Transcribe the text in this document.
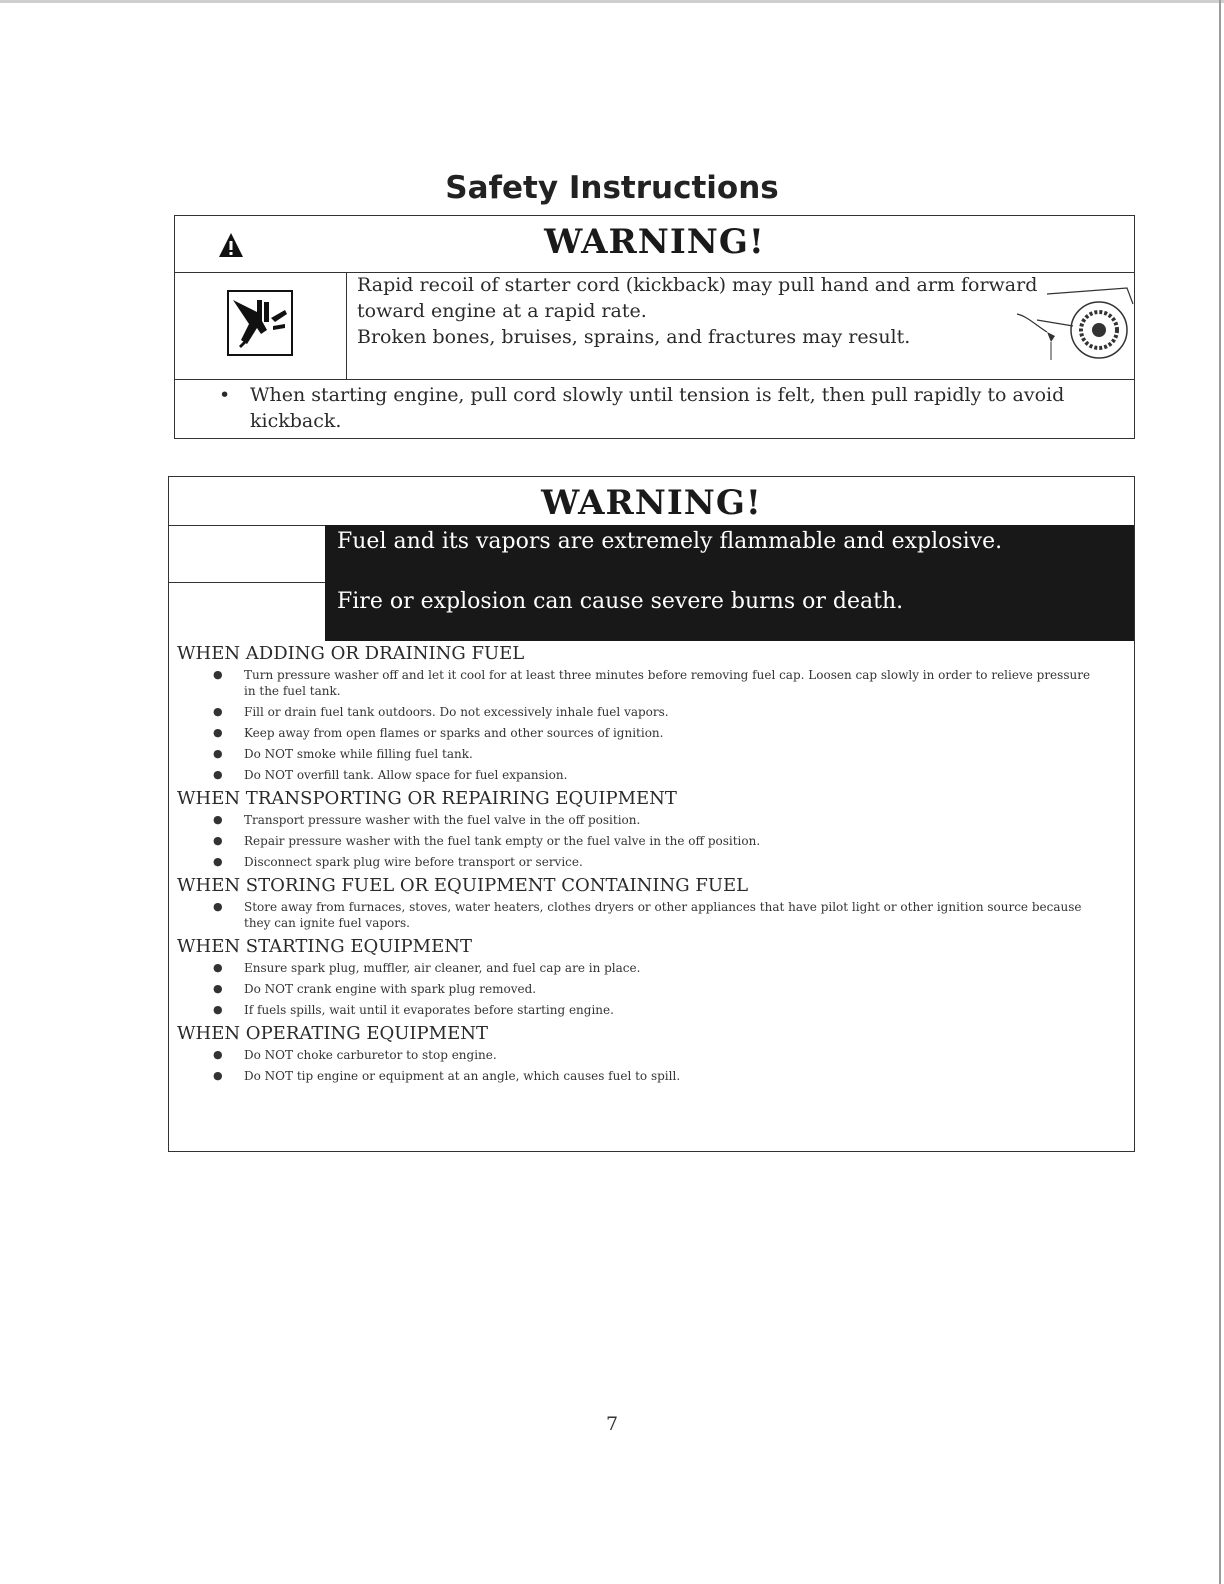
Safety Instructions
WARNING!
Rapid recoil of starter cord (kickback) may pull hand and arm forward
toward engine at a rapid rate.
Broken bones, bruises, sprains, and fractures may result.
• When starting engine, pull cord slowly until tension is felt, then pull rapidly to avoid
kickback.
WARNING!
Fuel and its vapors are extremely flammable and explosive.
Fire or explosion can cause severe burns or death.
WHEN ADDING OR DRAINING FUEL
● Turn pressure washer off and let it cool for at least three minutes before removing fuel cap. Loosen cap slowly in order to relieve pressure in the fuel tank.
● Fill or drain fuel tank outdoors. Do not excessively inhale fuel vapors.
● Keep away from open flames or sparks and other sources of ignition.
● Do NOT smoke while filling fuel tank.
● Do NOT overfill tank. Allow space for fuel expansion.
WHEN TRANSPORTING OR REPAIRING EQUIPMENT
● Transport pressure washer with the fuel valve in the off position.
● Repair pressure washer with the fuel tank empty or the fuel valve in the off position.
● Disconnect spark plug wire before transport or service.
WHEN STORING FUEL OR EQUIPMENT CONTAINING FUEL
● Store away from furnaces, stoves, water heaters, clothes dryers or other appliances that have pilot light or other ignition source because they can ignite fuel vapors.
WHEN STARTING EQUIPMENT
● Ensure spark plug, muffler, air cleaner, and fuel cap are in place.
● Do NOT crank engine with spark plug removed.
● If fuels spills, wait until it evaporates before starting engine.
WHEN OPERATING EQUIPMENT
● Do NOT choke carburetor to stop engine.
● Do NOT tip engine or equipment at an angle, which causes fuel to spill.
7
